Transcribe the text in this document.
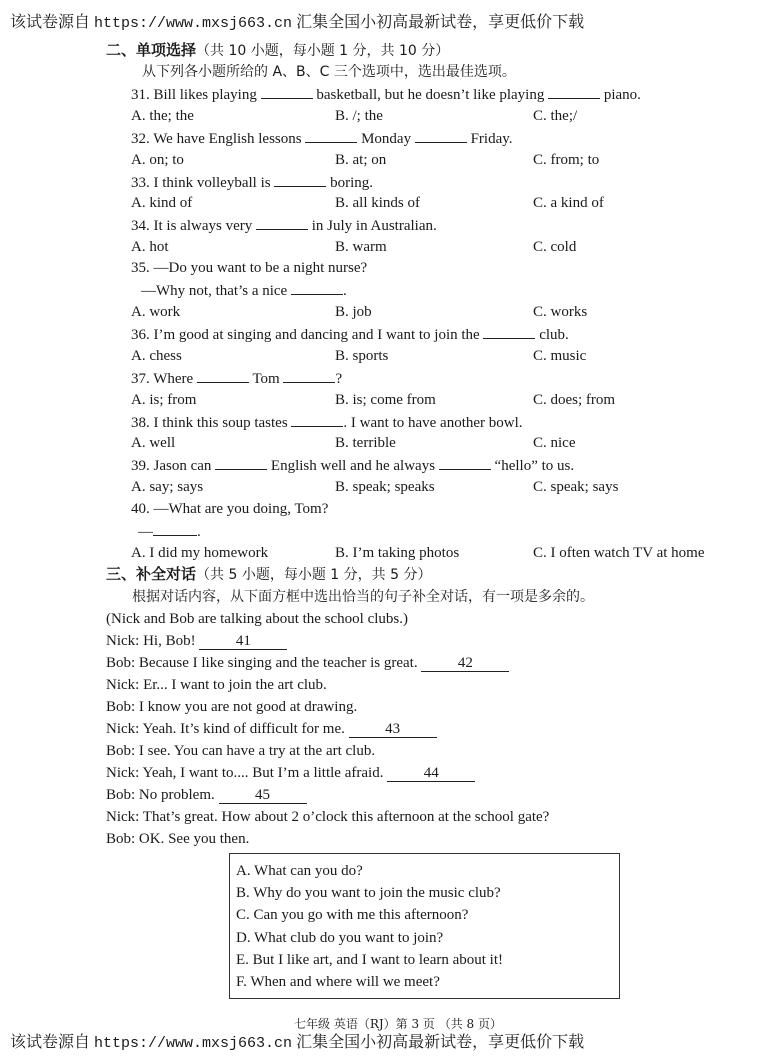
该试卷源自 https://www.mxsj663.cn 汇集全国小初高最新试卷，享更低价下载
二、单项选择（共 10 小题，每小题 1 分，共 10 分）
从下列各小题所给的 A、B、C 三个选项中，选出最佳选项。
31. Bill likes playing	basketball, but he doesn’t like playing	piano.
A. the; the	B. /; the	C. the;/
32. We have English lessons	Monday	Friday.
A. on; to	B. at; on	C. from; to
33. I think volleyball is	boring.
A. kind of	B. all kinds of	C. a kind of
34. It is always very	in July in Australian.
A. hot	B. warm	C. cold
35. —Do you want to be a night nurse?
—Why not, that’s a nice	.
A. work	B. job	C. works
36. I’m good at singing and dancing and I want to join the	club.
A. chess	B. sports	C. music
37. Where	Tom	?
A. is; from	B. is; come from	C. does; from
38. I think this soup tastes	. I want to have another bowl.
A. well	B. terrible	C. nice
39. Jason can	English well and he always	“hello” to us.
A. say; says	B. speak; speaks	C. speak; says
40. —What are you doing, Tom?
—	.
A. I did my homework	B. I’m taking photos	C. I often watch TV at home
三、补全对话（共 5 小题，每小题 1 分，共 5 分）
根据对话内容，从下面方框中选出恰当的句子补全对话，有一项是多余的。
(Nick and Bob are talking about the school clubs.)
Nick: Hi, Bob!	41
Bob: Because I like singing and the teacher is great.	42
Nick: Er... I want to join the art club.
Bob: I know you are not good at drawing.
Nick: Yeah. It’s kind of difficult for me.	43
Bob: I see. You can have a try at the art club.
Nick: Yeah, I want to.... But I’m a little afraid.	44
Bob: No problem.	45
Nick: That’s great. How about 2 o’clock this afternoon at the school gate?
Bob: OK. See you then.
A. What can you do?
B. Why do you want to join the music club?
C. Can you go with me this afternoon?
D. What club do you want to join?
E. But I like art, and I want to learn about it!
F. When and where will we meet?
七年级 英语（RJ）第 3 页 （共 8 页）
该试卷源自 https://www.mxsj663.cn 汇集全国小初高最新试卷，享更低价下载
